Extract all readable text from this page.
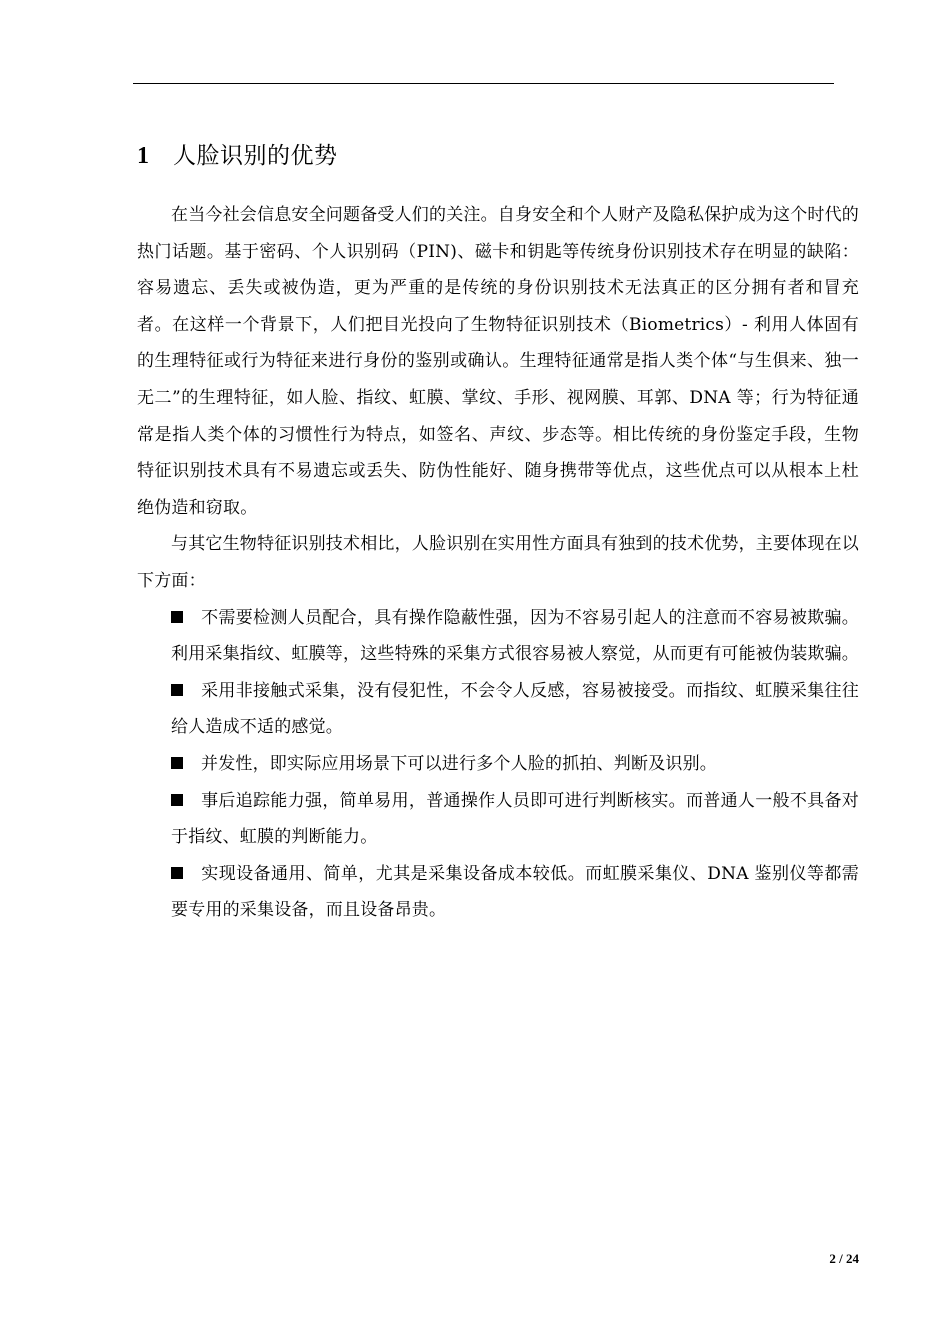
1	人脸识别的优势

在当今社会信息安全问题备受人们的关注。自身安全和个人财产及隐私保护成为这个时代的热门话题。基于密码、个人识别码（PIN)、磁卡和钥匙等传统身份识别技术存在明显的缺陷：容易遗忘、丢失或被伪造，更为严重的是传统的身份识别技术无法真正的区分拥有者和冒充者。在这样一个背景下，人们把目光投向了生物特征识别技术（Biometrics）- 利用人体固有的生理特征或行为特征来进行身份的鉴别或确认。生理特征通常是指人类个体“与生俱来、独一无二”的生理特征，如人脸、指纹、虹膜、掌纹、手形、视网膜、耳郭、DNA 等；行为特征通常是指人类个体的习惯性行为特点，如签名、声纹、步态等。相比传统的身份鉴定手段，生物特征识别技术具有不易遗忘或丢失、防伪性能好、随身携带等优点，这些优点可以从根本上杜绝伪造和窃取。

与其它生物特征识别技术相比，人脸识别在实用性方面具有独到的技术优势，主要体现在以下方面：

不需要检测人员配合，具有操作隐蔽性强，因为不容易引起人的注意而不容易被欺骗。利用采集指纹、虹膜等，这些特殊的采集方式很容易被人察觉，从而更有可能被伪装欺骗。
采用非接触式采集，没有侵犯性，不会令人反感，容易被接受。而指纹、虹膜采集往往给人造成不适的感觉。
并发性，即实际应用场景下可以进行多个人脸的抓拍、判断及识别。
事后追踪能力强，简单易用，普通操作人员即可进行判断核实。而普通人一般不具备对于指纹、虹膜的判断能力。
实现设备通用、简单，尤其是采集设备成本较低。而虹膜采集仪、DNA 鉴别仪等都需要专用的采集设备，而且设备昂贵。
2 / 24
